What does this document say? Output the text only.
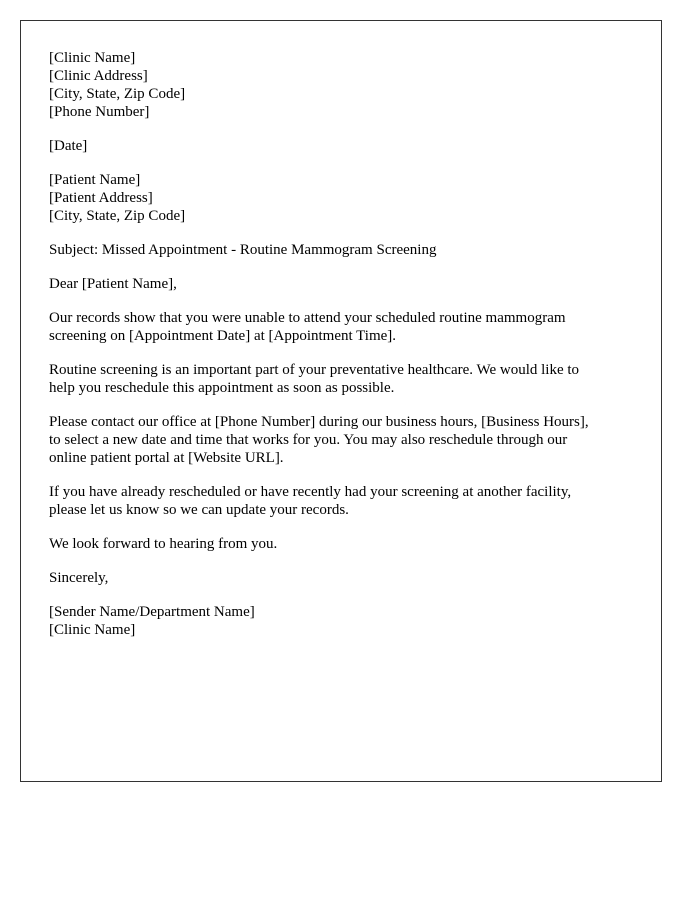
[Clinic Name]
[Clinic Address]
[City, State, Zip Code]
[Phone Number]
[Date]
[Patient Name]
[Patient Address]
[City, State, Zip Code]
Subject: Missed Appointment - Routine Mammogram Screening
Dear [Patient Name],
Our records show that you were unable to attend your scheduled routine mammogram
screening on [Appointment Date] at [Appointment Time].
Routine screening is an important part of your preventative healthcare. We would like to
help you reschedule this appointment as soon as possible.
Please contact our office at [Phone Number] during our business hours, [Business Hours],
to select a new date and time that works for you. You may also reschedule through our
online patient portal at [Website URL].
If you have already rescheduled or have recently had your screening at another facility,
please let us know so we can update your records.
We look forward to hearing from you.
Sincerely,
[Sender Name/Department Name]
[Clinic Name]
